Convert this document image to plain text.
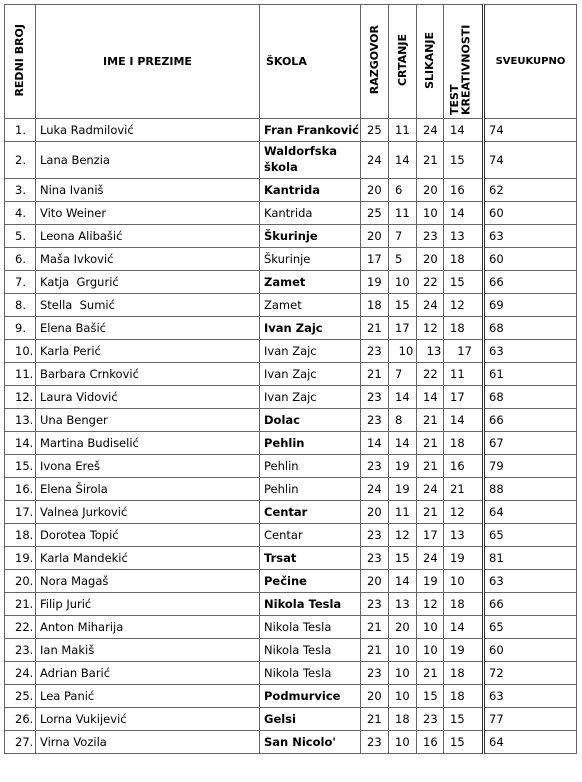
REDNI BROJ	IME I PREZIME	ŠKOLA	RAZGOVOR	CRTANJE	SLIKANJE	TEST KREATIVNOSTI	SVEUKUPNO
1.	Luka Radmilović	Fran Franković	25	11	24	14	74
2.	Lana Benzia	Waldorfska škola	24	14	21	15	74
3.	Nina Ivaniš	Kantrida	20	6	20	16	62
4.	Vito Weiner	Kantrida	25	11	10	14	60
5.	Leona Alibašić	Škurinje	20	7	23	13	63
6.	Maša Ivković	Škurinje	17	5	20	18	60
7.	Katja  Grgurić	Zamet	19	10	22	15	66
8.	Stella  Sumić	Zamet	18	15	24	12	69
9.	Elena Bašić	Ivan Zajc	21	17	12	18	68
10.	Karla Perić	Ivan Zajc	23	10	13	17	63
11.	Barbara Crnković	Ivan Zajc	21	7	22	11	61
12.	Laura Vidović	Ivan Zajc	23	14	14	17	68
13.	Una Benger	Dolac	23	8	21	14	66
14.	Martina Budiselić	Pehlin	14	14	21	18	67
15.	Ivona Ereš	Pehlin	23	19	21	16	79
16.	Elena Širola	Pehlin	24	19	24	21	88
17.	Valnea Jurković	Centar	20	11	21	12	64
18.	Dorotea Topić	Centar	23	12	17	13	65
19.	Karla Mandekić	Trsat	23	15	24	19	81
20.	Nora Magaš	Pečine	20	14	19	10	63
21.	Filip Jurić	Nikola Tesla	23	13	12	18	66
22.	Anton Miharija	Nikola Tesla	21	20	10	14	65
23.	Ian Makiš	Nikola Tesla	21	10	10	19	60
24.	Adrian Barić	Nikola Tesla	23	10	21	18	72
25.	Lea Panić	Podmurvice	20	10	15	18	63
26.	Lorna Vukijević	Gelsi	21	18	23	15	77
27.	Virna Vozila	San Nicolo'	23	10	16	15	64
